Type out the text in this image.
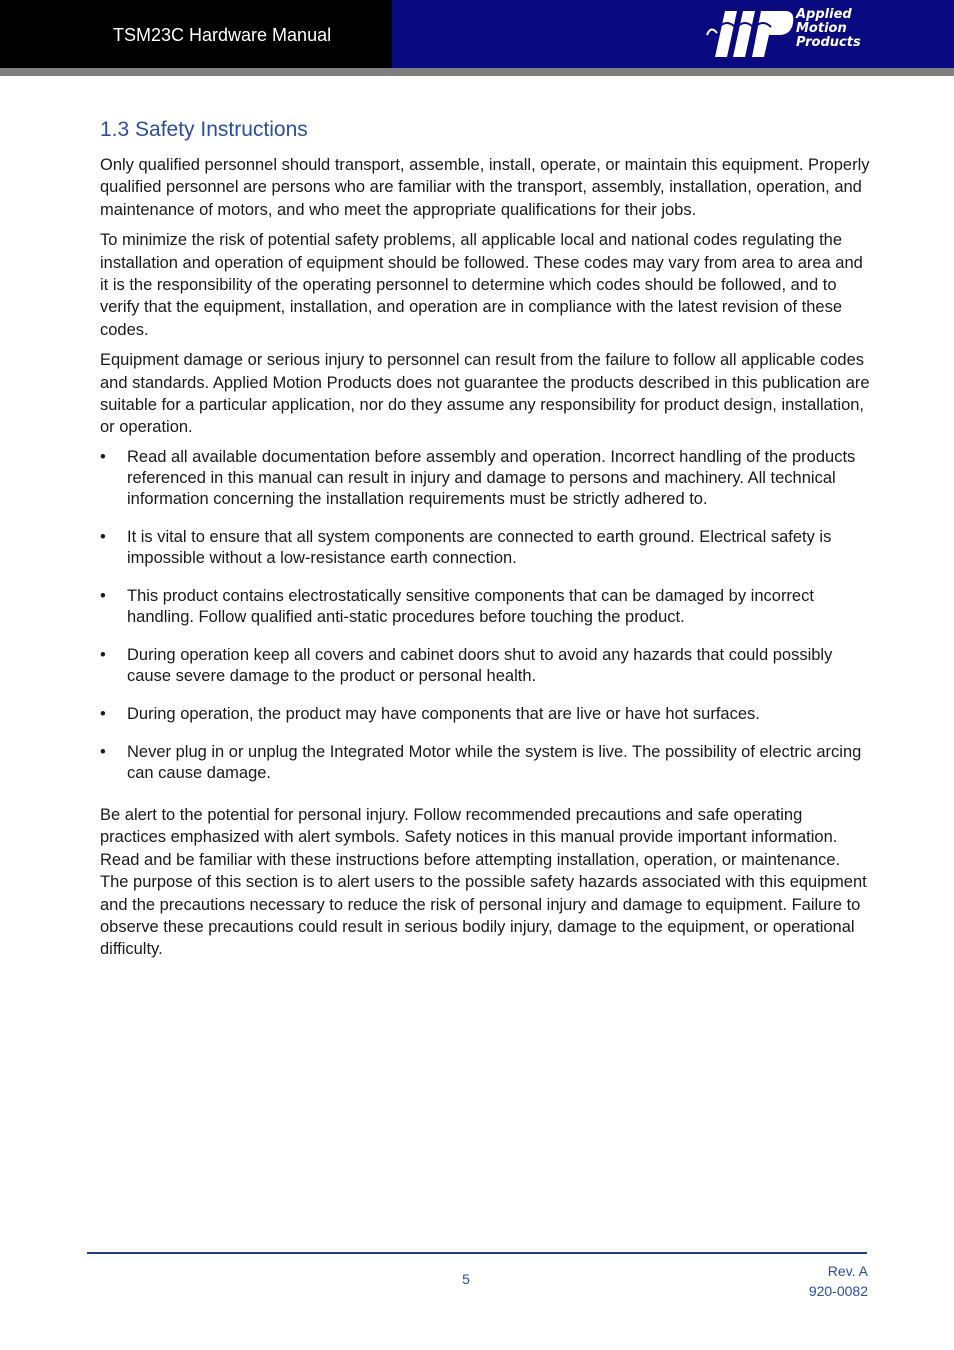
TSM23C Hardware Manual
Applied
Motion
Products
1.3 Safety Instructions

Only qualified personnel should transport, assemble, install, operate, or maintain this equipment. Properly qualified personnel are persons who are familiar with the transport, assembly, installation, operation, and maintenance of motors, and who meet the appropriate qualifications for their jobs.

To minimize the risk of potential safety problems, all applicable local and national codes regulating the installation and operation of equipment should be followed. These codes may vary from area to area and it is the responsibility of the operating personnel to determine which codes should be followed, and to verify that the equipment, installation, and operation are in compliance with the latest revision of these codes.

Equipment damage or serious injury to personnel can result from the failure to follow all applicable codes and standards. Applied Motion Products does not guarantee the products described in this publication are suitable for a particular application, nor do they assume any responsibility for product design, installation, or operation.

• Read all available documentation before assembly and operation. Incorrect handling of the products referenced in this manual can result in injury and damage to persons and machinery. All technical information concerning the installation requirements must be strictly adhered to.
• It is vital to ensure that all system components are connected to earth ground. Electrical safety is impossible without a low-resistance earth connection.
• This product contains electrostatically sensitive components that can be damaged by incorrect handling. Follow qualified anti-static procedures before touching the product.
• During operation keep all covers and cabinet doors shut to avoid any hazards that could possibly cause severe damage to the product or personal health.
• During operation, the product may have components that are live or have hot surfaces.
• Never plug in or unplug the Integrated Motor while the system is live. The possibility of electric arcing can cause damage.

Be alert to the potential for personal injury. Follow recommended precautions and safe operating practices emphasized with alert symbols. Safety notices in this manual provide important information. Read and be familiar with these instructions before attempting installation, operation, or maintenance. The purpose of this section is to alert users to the possible safety hazards associated with this equipment and the precautions necessary to reduce the risk of personal injury and damage to equipment. Failure to observe these precautions could result in serious bodily injury, damage to the equipment, or operational difficulty.

5	Rev. A
920-0082
